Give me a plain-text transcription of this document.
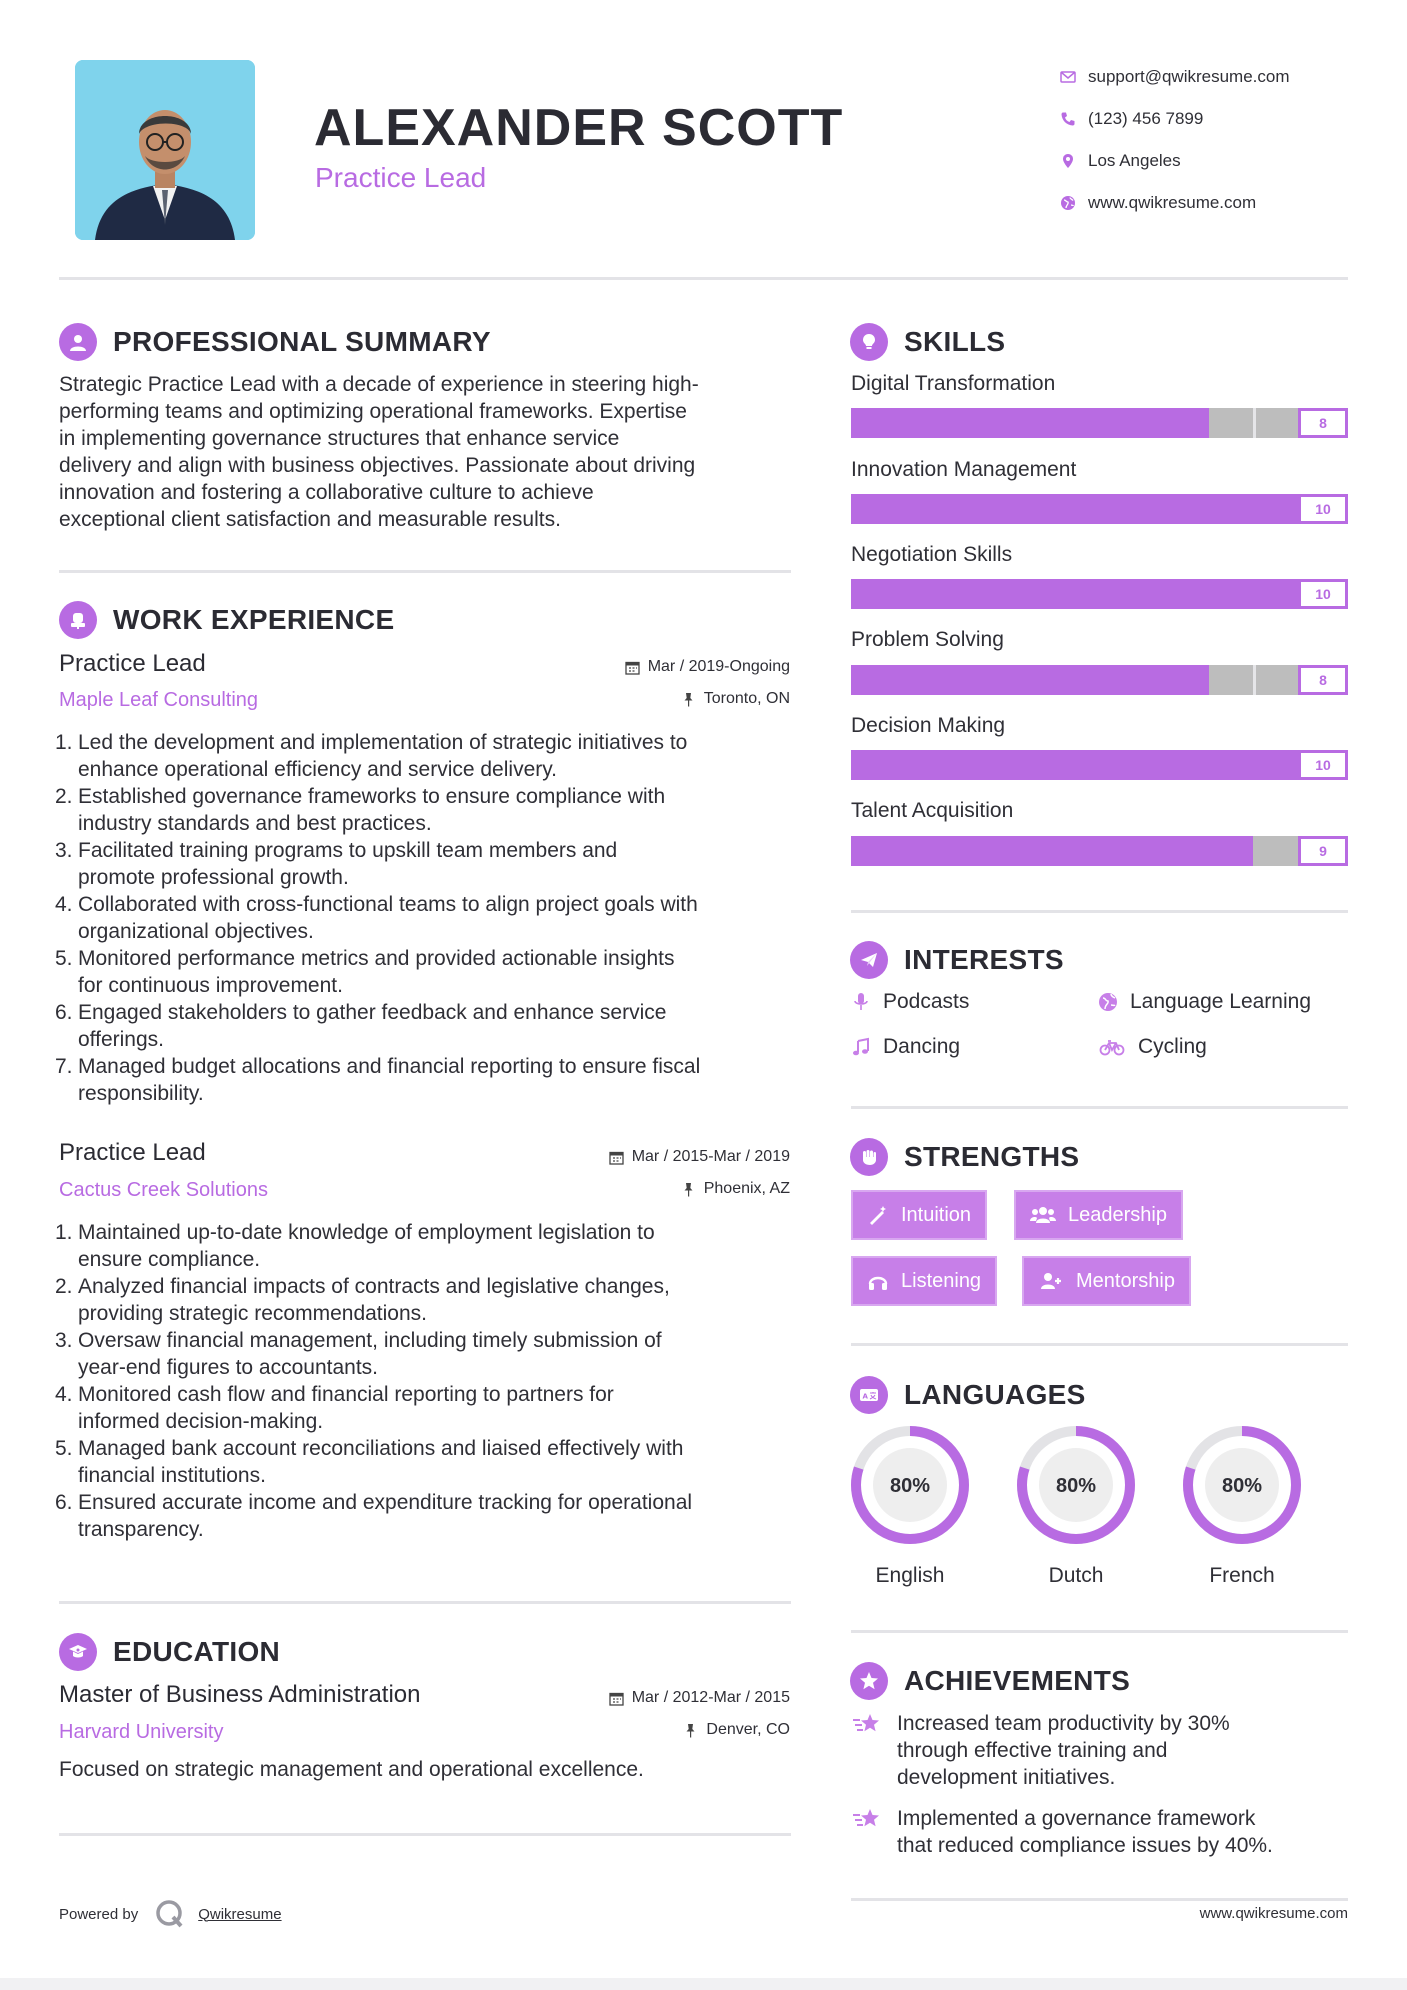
ALEXANDER SCOTT
Practice Lead
support@qwikresume.com
(123) 456 7899
Los Angeles
www.qwikresume.com
PROFESSIONAL SUMMARY
Strategic Practice Lead with a decade of experience in steering high-
performing teams and optimizing operational frameworks. Expertise
in implementing governance structures that enhance service
delivery and align with business objectives. Passionate about driving
innovation and fostering a collaborative culture to achieve
exceptional client satisfaction and measurable results.
WORK EXPERIENCE
Practice Lead
Maple Leaf Consulting
Mar / 2019-Ongoing
Toronto, ON
1. Led the development and implementation of strategic initiatives to
enhance operational efficiency and service delivery.
2. Established governance frameworks to ensure compliance with
industry standards and best practices.
3. Facilitated training programs to upskill team members and
promote professional growth.
4. Collaborated with cross-functional teams to align project goals with
organizational objectives.
5. Monitored performance metrics and provided actionable insights
for continuous improvement.
6. Engaged stakeholders to gather feedback and enhance service
offerings.
7. Managed budget allocations and financial reporting to ensure fiscal
responsibility.
Practice Lead
Cactus Creek Solutions
Mar / 2015-Mar / 2019
Phoenix, AZ
1. Maintained up-to-date knowledge of employment legislation to
ensure compliance.
2. Analyzed financial impacts of contracts and legislative changes,
providing strategic recommendations.
3. Oversaw financial management, including timely submission of
year-end figures to accountants.
4. Monitored cash flow and financial reporting to partners for
informed decision-making.
5. Managed bank account reconciliations and liaised effectively with
financial institutions.
6. Ensured accurate income and expenditure tracking for operational
transparency.
EDUCATION
Master of Business Administration
Harvard University
Mar / 2012-Mar / 2015
Denver, CO
Focused on strategic management and operational excellence.
SKILLS
Digital Transformation
8
Innovation Management
10
Negotiation Skills
10
Problem Solving
8
Decision Making
10
Talent Acquisition
9
INTERESTS
Podcasts	Language Learning
Dancing	Cycling
STRENGTHS
Intuition	Leadership
Listening	Mentorship
A LANGUAGES
80%
English
80%
Dutch
80%
French
ACHIEVEMENTS
Increased team productivity by 30%
through effective training and
development initiatives.
Implemented a governance framework
that reduced compliance issues by 40%.
Powered by	Qwikresume	www.qwikresume.com
